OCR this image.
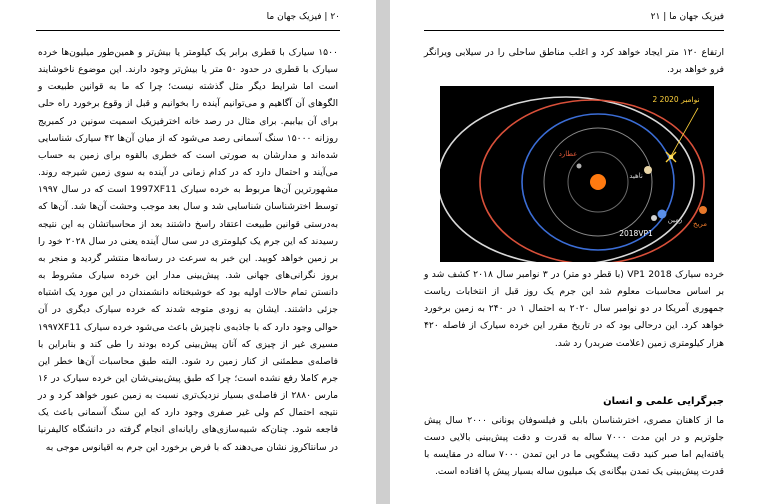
۲۰ | فیزیک جهان ما

۱۵۰۰ سیارک با قطری برابر یک کیلومتر یا بیش‌تر و همین‌طور میلیون‌ها خرده سیارک با قطری در حدود ۵۰ متر یا بیش‌تر وجود دارند. این موضوع ناخوشایند است اما شرایط دیگر مثل گذشته نیست؛ چرا که ما به قوانین طبیعت و الگوهای آن آگاهیم و می‌توانیم آینده را بخوانیم و قبل از وقوع برخورد راه حلی برای آن بیابیم. برای مثال در رصد خانه اخترفیزیک اسمیت سونین در کمبریج روزانه ۱۵۰۰۰ سنگ آسمانی رصد می‌شود که از میان آن‌ها ۴۲ سیارک شناسایی شده‌اند و مدارشان به صورتی است که خطری بالقوه برای زمین به حساب می‌آیند و احتمال دارد که در کدام زمانی در آینده به سوی زمین شیرجه روند. مشهورترین آن‌ها مربوط به خرده سیارک 1997XF11 است که در سال ۱۹۹۷ توسط اخترشناسان شناسایی شد و سال بعد موجب وحشت آن‌ها شد. آن‌ها که به‌درستی قوانین طبیعت اعتقاد راسخ داشتند بعد از محاسباتشان به این نتیجه رسیدند که این جرم یک کیلومتری در سی سال آینده یعنی در سال ۲۰۲۸ خود را بر زمین خواهد کوبید. این خبر به سرعت در رسانه‌ها منتشر گردید و منجر به بروز نگرانی‌های جهانی شد. پیش‌بینی مدار این خرده سیارک مشروط به دانستن تمام حالات اولیه بود که خوشبختانه دانشمندان در این مورد یک اشتباه جزئی داشتند. ایشان به زودی متوجه شدند که خرده سیارک دیگری در آن حوالی وجود دارد که با جاذبه‌ی ناچیزش باعث می‌شود خرده سیارک ۱۹۹۷XF11 مسیری غیر از چیزی که آنان پیش‌بینی کرده بودند را طی کند و بنابراین با فاصله‌ی مطمئنی از کنار زمین رد شود. البته طبق محاسبات آن‌ها خطر این جرم کاملا رفع نشده است؛ چرا که طبق پیش‌بینی‌شان این خرده سیارک در ۱۶ مارس ۲۸۸۰ از فاصله‌ی بسیار نزدیک‌تری نسبت به زمین عبور خواهد کرد و در نتیجه احتمال کم ولی غیر صفری وجود دارد که این سنگ آسمانی باعث یک فاجعه شود. چنان‌که شبیه‌سازی‌های رایانه‌ای انجام گرفته در دانشگاه کالیفرنیا در سانتاکروز نشان می‌دهند که با فرض برخورد این جرم به اقیانوس موجی به

فیزیک جهان ما | ۲۱

ارتفاع ۱۲۰ متر ایجاد خواهد کرد و اغلب مناطق ساحلی را در سیلابی ویرانگر فرو خواهد برد.

2 نوامبر 2020
عطارد
ناهید
زمین مریخ
2018VP1

خرده سیارک 2018 VP1 (با قطر دو متر) در ۳ نوامبر سال ۲۰۱۸ کشف شد و بر اساس محاسبات معلوم شد این جرم یک روز قبل از انتخابات ریاست جمهوری آمریکا در دو نوامبر سال ۲۰۲۰ به احتمال ۱ در ۲۴۰ به زمین برخورد خواهد کرد. این درحالی بود که در تاریخ مقرر این خرده سیارک از فاصله ۴۲۰ هزار کیلومتری زمین (علامت ضربدر) رد شد.

جبرگرایی علمی و انسان

ما از کاهنان مصری، اخترشناسان بابلی و فیلسوفان یونانی ۲۰۰۰ سال پیش جلوتریم و در این مدت ۷۰۰۰ ساله به قدرت و دقت پیش‌بینی بالایی دست یافته‌ایم اما صبر کنید دقت پیشگویی ما در این تمدن ۷۰۰۰ ساله در مقایسه با قدرت پیش‌بینی یک تمدن بیگانه‌ی یک میلیون ساله بسیار پیش پا افتاده است.
